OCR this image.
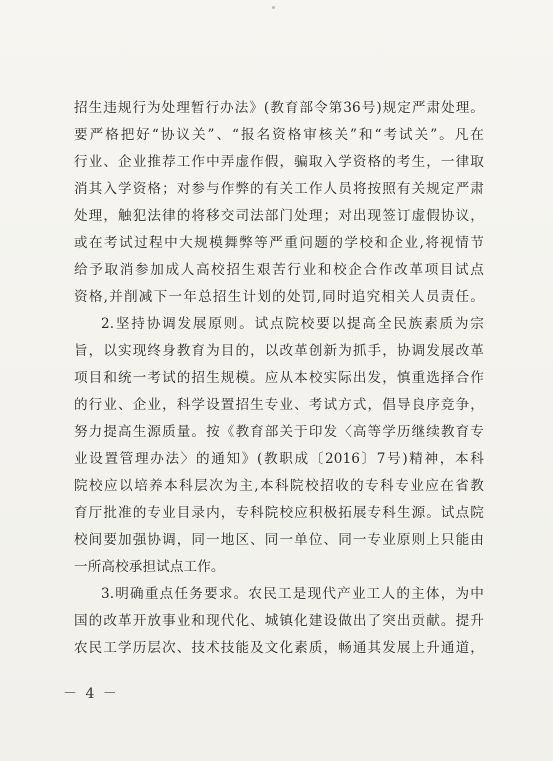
招生违规行为处理暂行办法》(教育部令第36号)规定严肃处理。
要严格把好“协议关”、“报名资格审核关”和“考试关”。凡在
行业、企业推荐工作中弄虚作假，骗取入学资格的考生，一律取
消其入学资格；对参与作弊的有关工作人员将按照有关规定严肃
处理，触犯法律的将移交司法部门处理；对出现签订虚假协议，
或在考试过程中大规模舞弊等严重问题的学校和企业,将视情节
给予取消参加成人高校招生艰苦行业和校企合作改革项目试点
资格,并削减下一年总招生计划的处罚,同时追究相关人员责任。
2.坚持协调发展原则。试点院校要以提高全民族素质为宗
旨，以实现终身教育为目的，以改革创新为抓手，协调发展改革
项目和统一考试的招生规模。应从本校实际出发，慎重选择合作
的行业、企业，科学设置招生专业、考试方式，倡导良序竞争，
努力提高生源质量。按《教育部关于印发〈高等学历继续教育专
业设置管理办法〉的通知》(教职成〔2016〕7号)精神，本科
院校应以培养本科层次为主,本科院校招收的专科专业应在省教
育厅批准的专业目录内，专科院校应积极拓展专科生源。试点院
校间要加强协调，同一地区、同一单位、同一专业原则上只能由
一所高校承担试点工作。
3.明确重点任务要求。农民工是现代产业工人的主体，为中
国的改革开放事业和现代化、城镇化建设做出了突出贡献。提升
农民工学历层次、技术技能及文化素质，畅通其发展上升通道，
－ 4 －
